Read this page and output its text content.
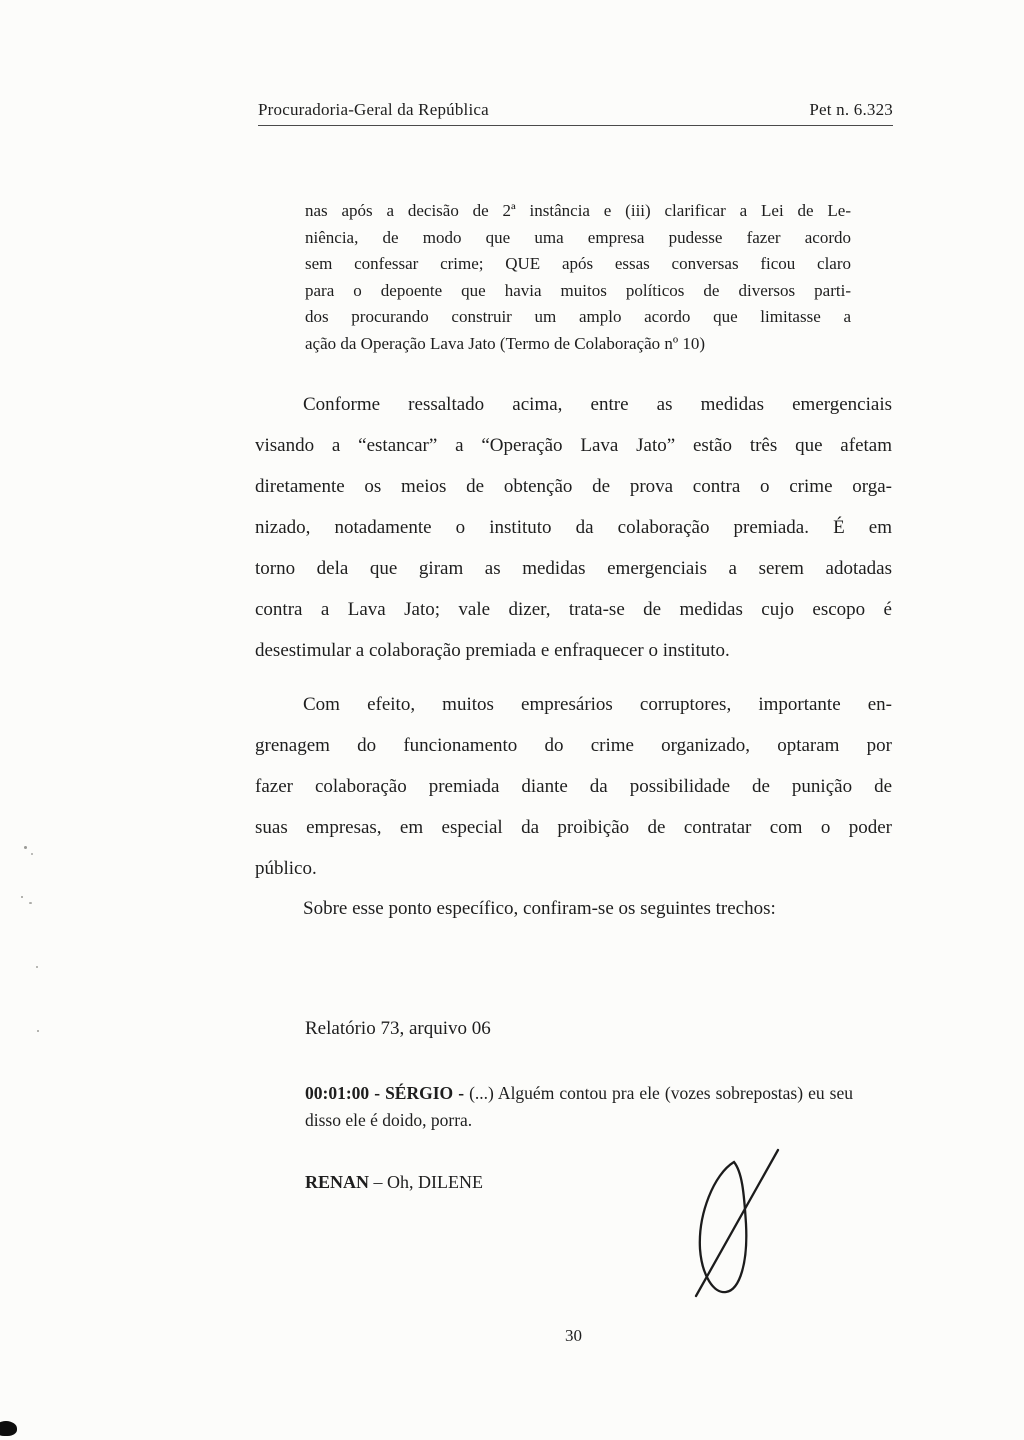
Procuradoria-Geral da República	Pet n. 6.323
nas após a decisão de 2ª instância e (iii) clarificar a Lei de Le-
niência, de modo que uma empresa pudesse fazer acordo
sem confessar crime; QUE após essas conversas ficou claro
para o depoente que havia muitos políticos de diversos parti-
dos procurando construir um amplo acordo que limitasse a
ação da Operação Lava Jato (Termo de Colaboração nº 10)
Conforme ressaltado acima, entre as medidas emergenciais
visando a “estancar” a “Operação Lava Jato” estão três que afetam
diretamente os meios de obtenção de prova contra o crime orga-
nizado, notadamente o instituto da colaboração premiada. É em
torno dela que giram as medidas emergenciais a serem adotadas
contra a Lava Jato; vale dizer, trata-se de medidas cujo escopo é
desestimular a colaboração premiada e enfraquecer o instituto.
Com efeito, muitos empresários corruptores, importante en-
grenagem do funcionamento do crime organizado, optaram por
fazer colaboração premiada diante da possibilidade de punição de
suas empresas, em especial da proibição de contratar com o poder
público.
Sobre esse ponto específico, confiram-se os seguintes trechos:
Relatório 73, arquivo 06
00:01:00 - SÉRGIO - (...) Alguém contou pra ele (vozes sobrepostas) eu seu disso ele é doido, porra.
RENAN – Oh, DILENE
30
